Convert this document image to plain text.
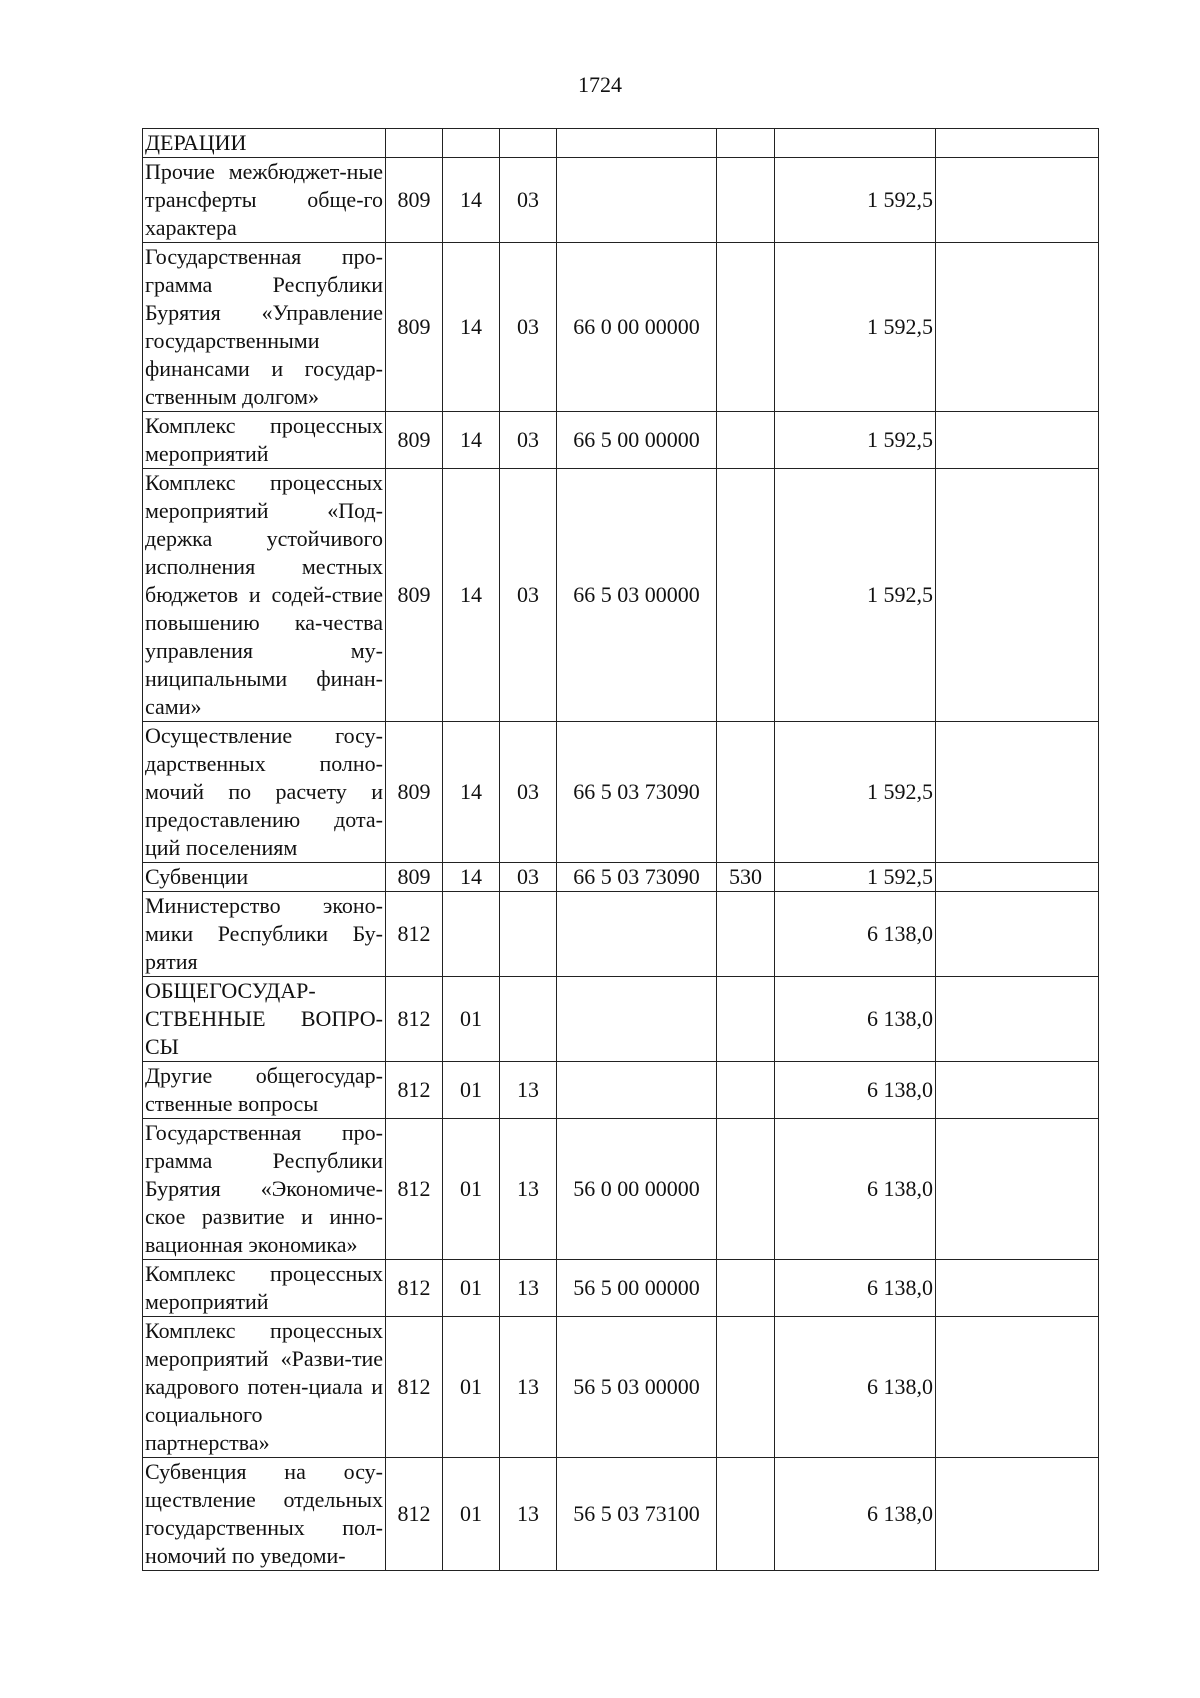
1724
ДЕРАЦИИ							
Прочие межбюджет-ные трансферты обще-го характера	809	14	03			1 592,5	
Государственная про-грамма Республики Бурятия «Управление государственными финансами и государ-ственным долгом»	809	14	03	66 0 00 00000		1 592,5	
Комплекс процессных мероприятий	809	14	03	66 5 00 00000		1 592,5	
Комплекс процессных мероприятий «Под-держка устойчивого исполнения местных бюджетов и содей-ствие повышению ка-чества управления му-ниципальными финан-сами»	809	14	03	66 5 03 00000		1 592,5	
Осуществление госу-дарственных полно-мочий по расчету и предоставлению дота-ций поселениям	809	14	03	66 5 03 73090		1 592,5	
Субвенции	809	14	03	66 5 03 73090	530	1 592,5	
Министерство эконо-мики Республики Бу-рятия	812					6 138,0	
ОБЩЕГОСУДАР-СТВЕННЫЕ ВОПРО-СЫ	812	01				6 138,0	
Другие общегосудар-ственные вопросы	812	01	13			6 138,0	
Государственная про-грамма Республики Бурятия «Экономиче-ское развитие и инно-вационная экономика»	812	01	13	56 0 00 00000		6 138,0	
Комплекс процессных мероприятий	812	01	13	56 5 00 00000		6 138,0	
Комплекс процессных мероприятий «Разви-тие кадрового потен-циала и социального партнерства»	812	01	13	56 5 03 00000		6 138,0	
Субвенция на осу-ществление отдельных государственных пол-номочий по уведоми-	812	01	13	56 5 03 73100		6 138,0	
